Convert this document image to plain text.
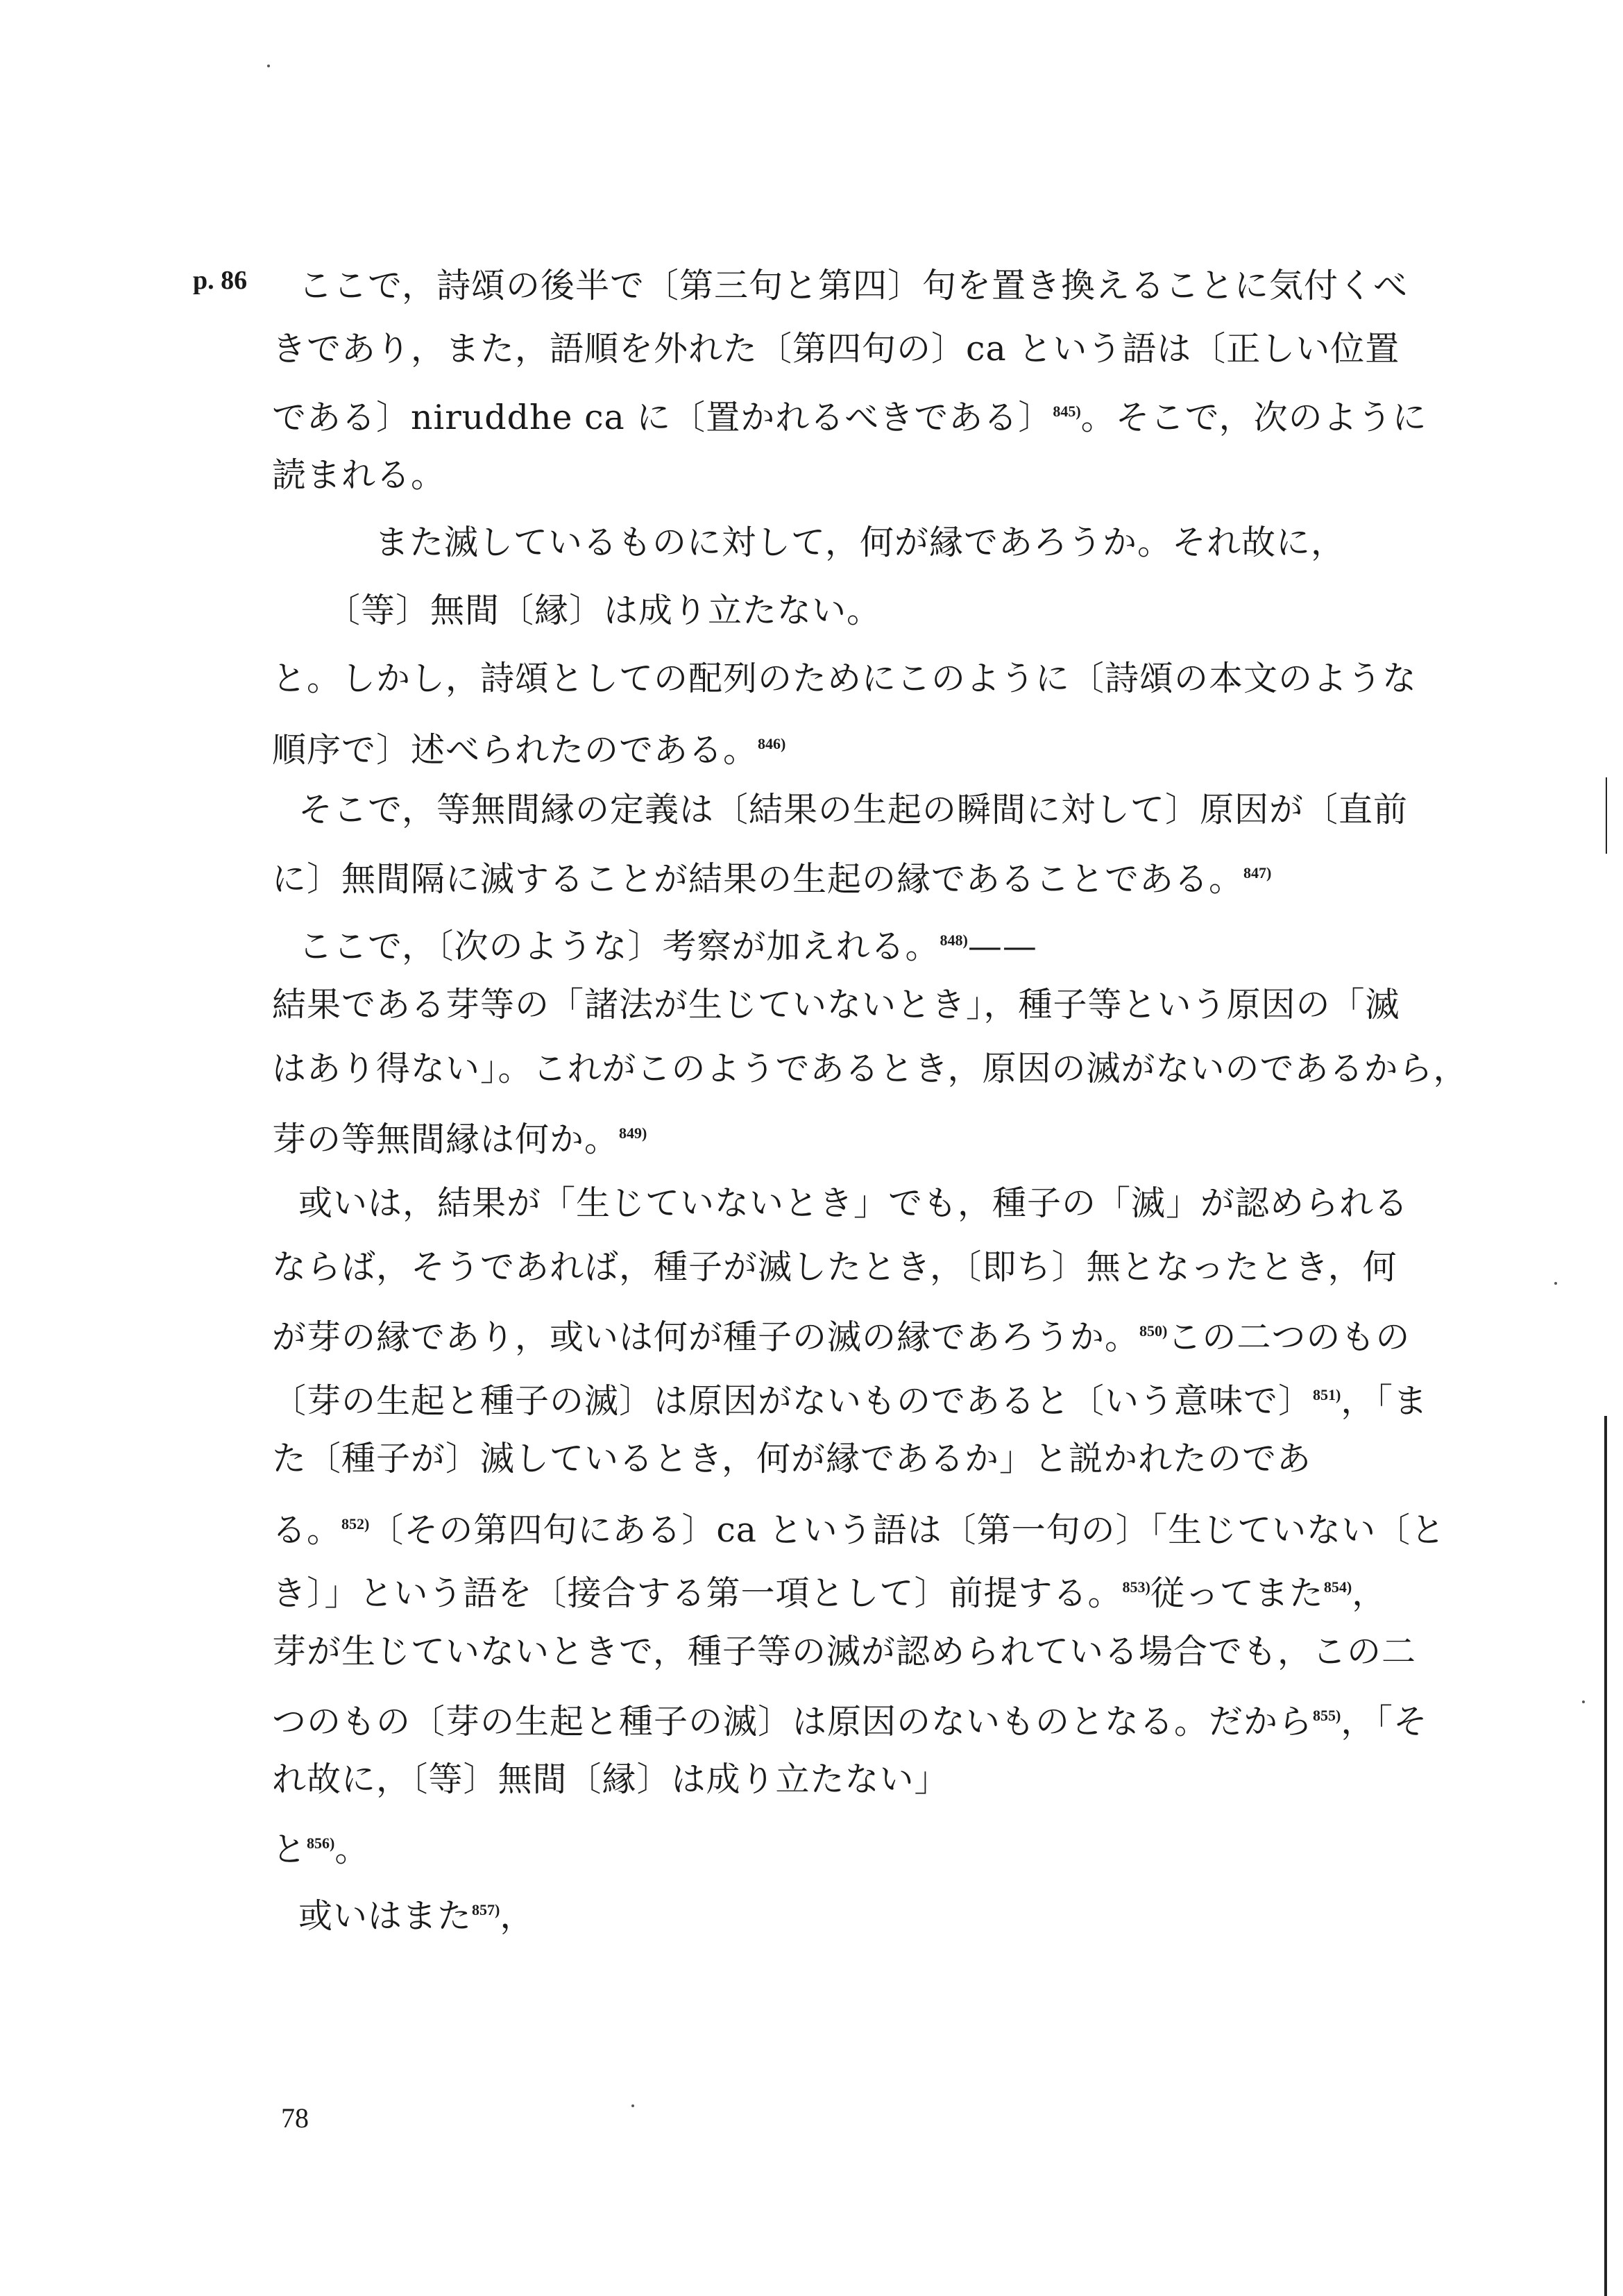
p. 86 ここで，詩頌の後半で〔第三句と第四〕句を置き換えることに気付くべ
きであり，また，語順を外れた〔第四句の〕ca という語は〔正しい位置
である〕niruddhe ca に〔置かれるべきである〕$^{845)}$。そこで，次のように
読まれる。
また滅しているものに対して，何が縁であろうか。それ故に，
〔等〕無間〔縁〕は成り立たない。
と。しかし，詩頌としての配列のためにこのように〔詩頌の本文のような
順序で〕述べられたのである。$^{846)}$
そこで，等無間縁の定義は〔結果の生起の瞬間に対して〕原因が〔直前
に〕無間隔に滅することが結果の生起の縁であることである。$^{847)}$
ここで，〔次のような〕考察が加えれる。$^{848)}$——
結果である芽等の「諸法が生じていないとき」，種子等という原因の「滅
はあり得ない」。これがこのようであるとき，原因の滅がないのであるから，
芽の等無間縁は何か。$^{849)}$
或いは，結果が「生じていないとき」でも，種子の「滅」が認められる
ならば，そうであれば，種子が滅したとき，〔即ち〕無となったとき，何
が芽の縁であり，或いは何が種子の滅の縁であろうか。$^{850)}$この二つのもの
〔芽の生起と種子の滅〕は原因がないものであると〔いう意味で〕$^{851)}$，「ま
た〔種子が〕滅しているとき，何が縁であるか」と説かれたのであ
る。$^{852)}$〔その第四句にある〕ca という語は〔第一句の〕「生じていない〔と
き〕」という語を〔接合する第一項として〕前提する。$^{853)}$従ってまた$^{854)}$，
芽が生じていないときで，種子等の滅が認められている場合でも，この二
つのもの〔芽の生起と種子の滅〕は原因のないものとなる。だから$^{855)}$，「そ
れ故に，〔等〕無間〔縁〕は成り立たない」
と$^{856)}$。
或いはまた$^{857)}$，
78
